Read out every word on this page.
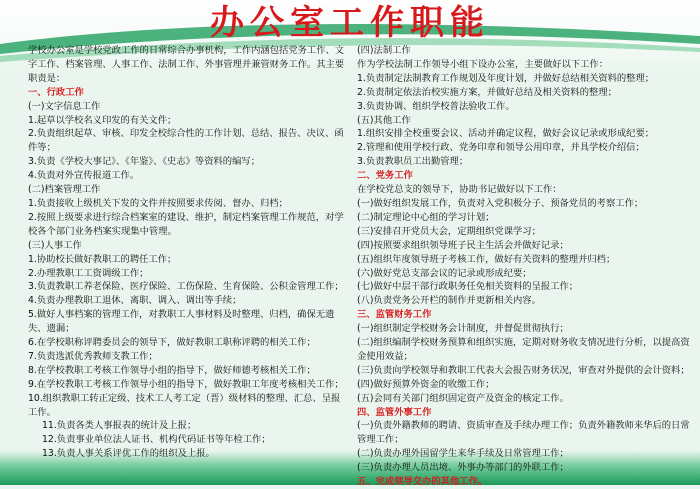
办公室工作职能

学校办公室是学校党政工作的日常综合办事机构，工作内涵包括党务工作、文字工作、档案管理、人事工作、法制工作、外事管理并兼管财务工作。其主要职责是：

一、行政工作

(一)文字信息工作

1.起草以学校名义印发的有关文件；

2.负责组织起草、审核、印发全校综合性的工作计划、总结、报告、决议、函件等；

3.负责《学校大事记》、《年鉴》、《史志》等资料的编写；

4.负责对外宣传报道工作。

(二)档案管理工作

1.负责接收上级机关下发的文件并按照要求传阅、督办、归档；

2.按照上级要求进行综合档案室的建设、维护，制定档案管理工作规范，对学校各个部门业务档案实现集中管理。

(三)人事工作

1.协助校长做好教职工的聘任工作；

2.办理教职工工资调级工作；

3.负责教职工养老保险、医疗保险、工伤保险、生育保险、公积金管理工作；

4.负责办理教职工退休、离职、调入、调出等手续；

5.做好人事档案的管理工作，对教职工人事材料及时整理、归档，确保无遗失、遗漏；

6.在学校职称评聘委员会的领导下，做好教职工职称评聘的相关工作；

7.负责选派优秀教师支教工作；

8.在学校教职工考核工作领导小组的指导下，做好师德考核相关工作；

9.在学校教职工考核工作领导小组的指导下，做好教职工年度考核相关工作；

10.组织教职工转正定级、技术工人考工定（晋）级材料的整理、汇总、呈报工作。

11.负责各类人事报表的统计及上报；

12.负责事业单位法人证书、机构代码证书等年检工作；

13.负责人事关系评优工作的组织及上报。

(四)法制工作

作为学校法制工作领导小组下设办公室，主要做好以下工作：

1.负责制定法制教育工作规划及年度计划，并做好总结相关资料的整理；

2.负责制定依法治校实施方案，并做好总结及相关资料的整理；

3.负责协调、组织学校普法验收工作。

(五)其他工作

1.组织安排全校重要会议、活动并确定议程，做好会议记录或形成纪要；

2.管理和使用学校行政、党务印章和领导公用印章，并具学校介绍信；

3.负责教职员工出勤管理；

二、党务工作

在学校党总支的领导下，协助书记做好以下工作：

(一)做好组织发展工作，负责对入党积极分子、预备党员的考察工作；

(二)制定理论中心组的学习计划；

(三)安排召开党员大会，定期组织党课学习；

(四)按照要求组织领导班子民主生活会并做好记录；

(五)组织年度领导班子考核工作，做好有关资料的整理并归档；

(六)做好党总支部会议的记录或形成纪要；

(七)做好中层干部行政职务任免相关资料的呈报工作；

(八)负责党务公开栏的制作并更新相关内容。

三、监管财务工作

(一)组织制定学校财务会计制度，并督促贯彻执行；

(二)组织编制学校财务预算和组织实施，定期对财务收支情况进行分析，以提高资金使用效益；

(三)负责向学校领导和教职工代表大会报告财务状况，审查对外提供的会计资料；

(四)做好预算外资金的收缴工作；

(五)会同有关部门组织固定资产及资金的核定工作。

四、监管外事工作

(一)负责外籍教师的聘请、资质审查及手续办理工作；负责外籍教师来华后的日常管理工作；

(二)负责办理外国留学生来华手续及日常管理工作；

(三)负责办理人员出境、外事办等部门的外联工作；

五、完成领导交办的其他工作。
